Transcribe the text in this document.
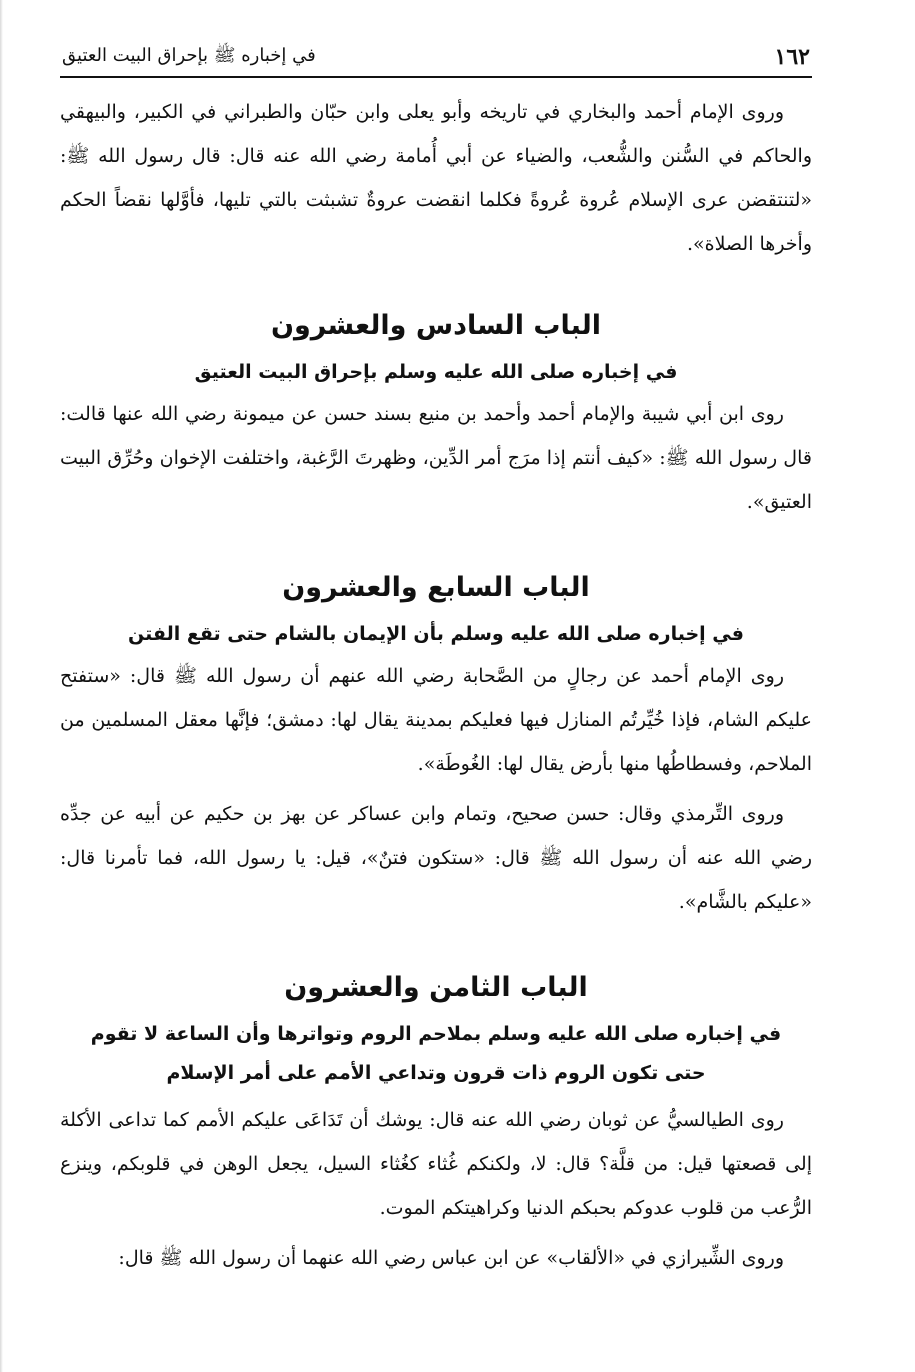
١٦٢
في إخباره ﷺ بإحراق البيت العتيق

وروى الإمام أحمد والبخاري في تاريخه وأبو يعلى وابن حبّان والطبراني في الكبير، والبيهقي والحاكم في السُّنن والشُّعب، والضياء عن أبي أُمامة رضي الله عنه قال: قال رسول الله ﷺ: «لتنتقضن عرى الإسلام عُروة عُروةً فكلما انقضت عروةٌ تشبثت بالتي تليها، فأوَّلها نقضاً الحكم وأخرها الصلاة».

الباب السادس والعشرون
في إخباره صلى الله عليه وسلم بإحراق البيت العتيق

روى ابن أبي شيبة والإمام أحمد وأحمد بن منيع بسند حسن عن ميمونة رضي الله عنها قالت: قال رسول الله ﷺ: «كيف أنتم إذا مرَج أمر الدِّين، وظهرتَ الرَّغبة، واختلفت الإخوان وحُرِّق البيت العتيق».

الباب السابع والعشرون
في إخباره صلى الله عليه وسلم بأن الإيمان بالشام حتى تقع الفتن

روى الإمام أحمد عن رجالٍ من الصَّحابة رضي الله عنهم أن رسول الله ﷺ قال: «ستفتح عليكم الشام، فإذا خُيِّرتُم المنازل فيها فعليكم بمدينة يقال لها: دمشق؛ فإنَّها معقل المسلمين من الملاحم، وفسطاطُها منها بأرض يقال لها: الغُوطَة».

وروى التِّرمذي وقال: حسن صحيح، وتمام وابن عساكر عن بهز بن حكيم عن أبيه عن جدِّه رضي الله عنه أن رسول الله ﷺ قال: «ستكون فتنٌ»، قيل: يا رسول الله، فما تأمرنا قال: «عليكم بالشَّام».

الباب الثامن والعشرون
في إخباره صلى الله عليه وسلم بملاحم الروم وتواترها وأن الساعة لا تقوم
حتى تكون الروم ذات قرون وتداعي الأمم على أمر الإسلام

روى الطيالسيُّ عن ثوبان رضي الله عنه قال: يوشك أن تَدَاعَى عليكم الأمم كما تداعى الأكلة إلى قصعتها قيل: من قلَّة؟ قال: لا، ولكنكم غُثاء كغُثاء السيل، يجعل الوهن في قلوبكم، وينزع الرُّعب من قلوب عدوكم بحبكم الدنيا وكراهيتكم الموت.

وروى الشِّيرازي في «الألقاب» عن ابن عباس رضي الله عنهما أن رسول الله ﷺ قال:
